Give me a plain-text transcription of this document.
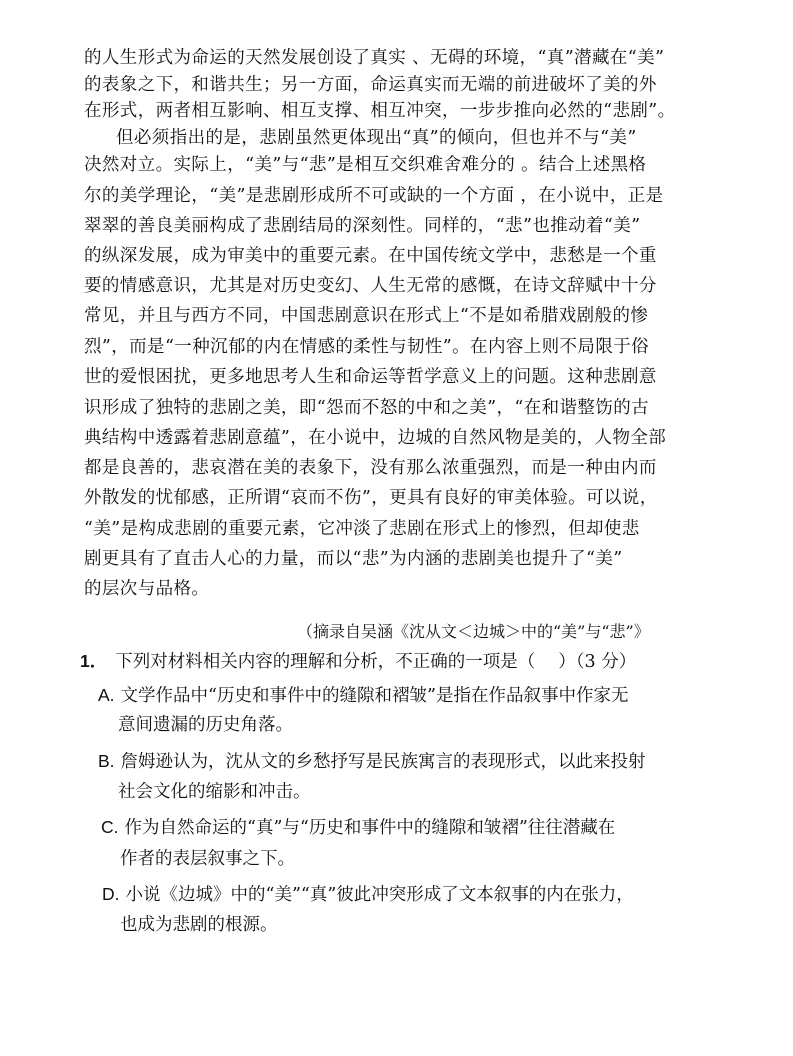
的人生形式为命运的天然发展创设了真实 、无碍的环境，“真”潜藏在“美”
的表象之下，和谐共生；另一方面，命运真实而无端的前进破坏了美的外
在形式，两者相互影响、相互支撑、相互冲突，一步步推向必然的“悲剧”。
但必须指出的是，悲剧虽然更体现出“真”的倾向，但也并不与“美”
决然对立。实际上，“美”与“悲”是相互交织难舍难分的 。结合上述黑格
尔的美学理论，“美”是悲剧形成所不可或缺的一个方面 ，在小说中，正是
翠翠的善良美丽构成了悲剧结局的深刻性。同样的，“悲”也推动着“美”
的纵深发展，成为审美中的重要元素。在中国传统文学中，悲愁是一个重
要的情感意识，尤其是对历史变幻、人生无常的感慨，在诗文辞赋中十分
常见，并且与西方不同，中国悲剧意识在形式上“不是如希腊戏剧般的惨
烈”，而是“一种沉郁的内在情感的柔性与韧性”。在内容上则不局限于俗
世的爱恨困扰，更多地思考人生和命运等哲学意义上的问题。这种悲剧意
识形成了独特的悲剧之美，即“怨而不怒的中和之美”，“在和谐整饬的古
典结构中透露着悲剧意蕴”，在小说中，边城的自然风物是美的，人物全部
都是良善的，悲哀潜在美的表象下，没有那么浓重强烈，而是一种由内而
外散发的忧郁感，正所谓“哀而不伤”，更具有良好的审美体验。可以说，
“美”是构成悲剧的重要元素，它冲淡了悲剧在形式上的惨烈，但却使悲
剧更具有了直击人心的力量，而以“悲”为内涵的悲剧美也提升了“美”
的层次与品格。
（摘录自吴涵《沈从文＜边城＞中的“美”与“悲”》
1． 下列对材料相关内容的理解和分析，不正确的一项是（　 ）（3 分）
A. 文学作品中“历史和事件中的缝隙和褶皱”是指在作品叙事中作家无
意间遗漏的历史角落。
B. 詹姆逊认为，沈从文的乡愁抒写是民族寓言的表现形式，以此来投射
社会文化的缩影和冲击。
C. 作为自然命运的“真”与“历史和事件中的缝隙和皱褶”往往潜藏在
作者的表层叙事之下。
D. 小说《边城》中的“美”“真”彼此冲突形成了文本叙事的内在张力，
也成为悲剧的根源。
